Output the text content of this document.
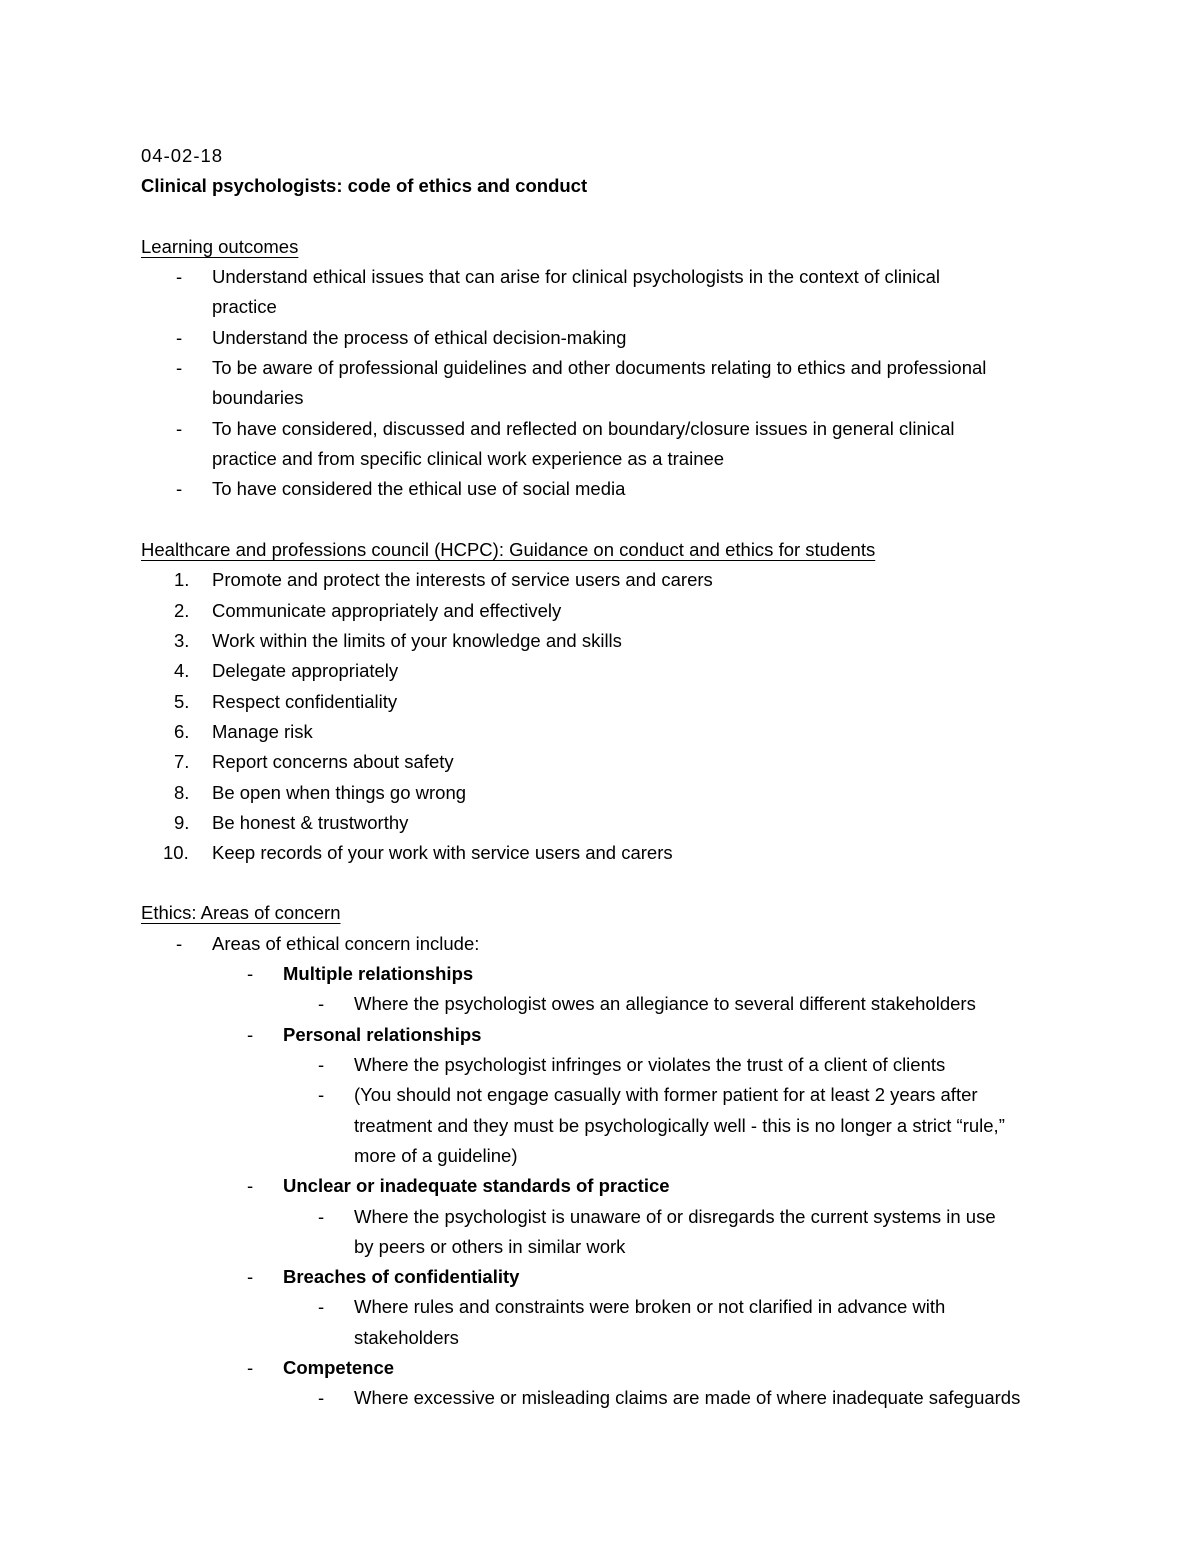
04-02-18
Clinical psychologists: code of ethics and conduct
Learning outcomes
- Understand ethical issues that can arise for clinical psychologists in the context of clinical
practice
- Understand the process of ethical decision-making
- To be aware of professional guidelines and other documents relating to ethics and professional
boundaries
- To have considered, discussed and reflected on boundary/closure issues in general clinical
practice and from specific clinical work experience as a trainee
- To have considered the ethical use of social media
Healthcare and professions council (HCPC): Guidance on conduct and ethics for students
1. Promote and protect the interests of service users and carers
2. Communicate appropriately and effectively
3. Work within the limits of your knowledge and skills
4. Delegate appropriately
5. Respect confidentiality
6. Manage risk
7. Report concerns about safety
8. Be open when things go wrong
9. Be honest & trustworthy
10. Keep records of your work with service users and carers
Ethics: Areas of concern
- Areas of ethical concern include:
- Multiple relationships
- Where the psychologist owes an allegiance to several different stakeholders
- Personal relationships
- Where the psychologist infringes or violates the trust of a client of clients
- (You should not engage casually with former patient for at least 2 years after
treatment and they must be psychologically well - this is no longer a strict “rule,”
more of a guideline)
- Unclear or inadequate standards of practice
- Where the psychologist is unaware of or disregards the current systems in use
by peers or others in similar work
- Breaches of confidentiality
- Where rules and constraints were broken or not clarified in advance with
stakeholders
- Competence
- Where excessive or misleading claims are made of where inadequate safeguards
